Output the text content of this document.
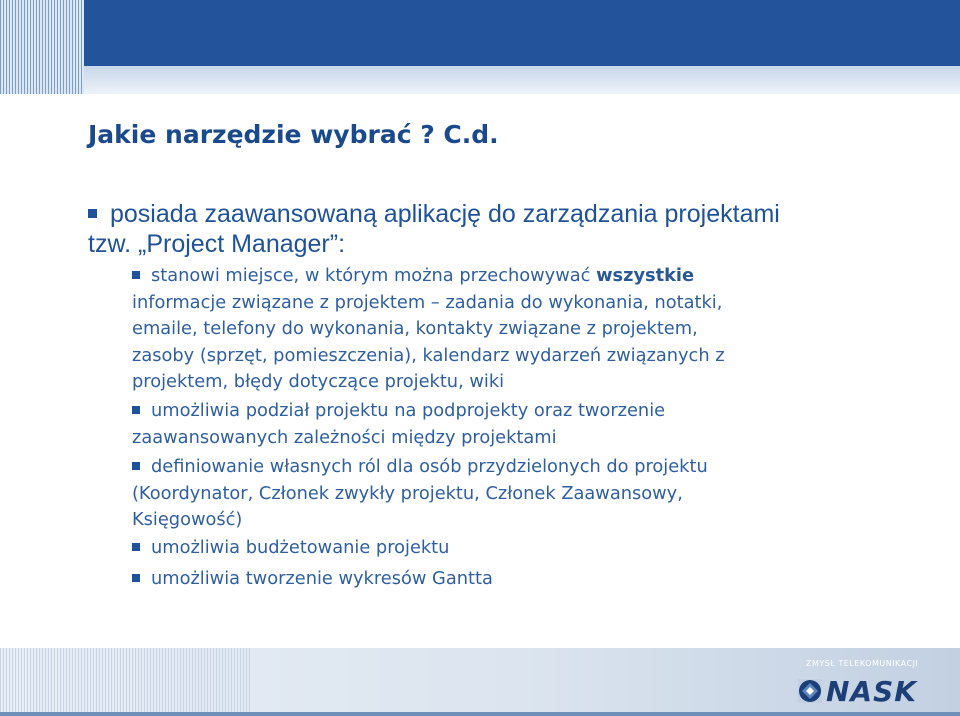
Jakie narzędzie wybrać ? C.d.
posiada zaawansowaną aplikację do zarządzania projektami tzw. „Project Manager”:
stanowi miejsce, w którym można przechowywać wszystkie
informacje związane z projektem – zadania do wykonania, notatki,
emaile, telefony do wykonania, kontakty związane z projektem,
zasoby (sprzęt, pomieszczenia), kalendarz wydarzeń związanych z
projektem, błędy dotyczące projektu, wiki
umożliwia podział projektu na podprojekty oraz tworzenie
zaawansowanych zależności między projektami
definiowanie własnych ról dla osób przydzielonych do projektu
(Koordynator, Członek zwykły projektu, Członek Zaawansowy,
Księgowość)
umożliwia budżetowanie projektu
umożliwia tworzenie wykresów Gantta
ZMYSŁ TELEKOMUNIKACJI
NASK
